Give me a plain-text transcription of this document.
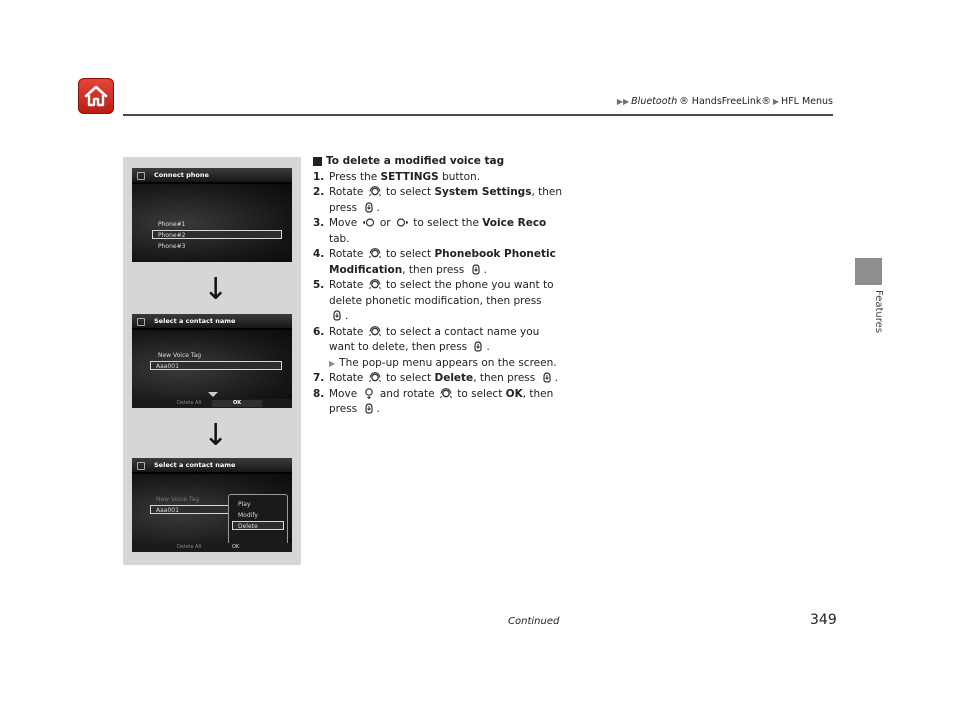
▶▶ Bluetooth ® HandsFreeLink® ▶ HFL Menus
Features
Connect phone
Phone#1
Phone#2
Phone#3
↓
Select a contact name
New Voice Tag
Aaa001
Delete All	OK
↓
Select a contact name
New Voice Tag
Aaa001
Play
Modify
Delete
Delete All	OK
To delete a modified voice tag
1. Press the SETTINGS button.
2. Rotate  to select System Settings, then
press .
3. Move  or  to select the Voice Reco
tab.
4. Rotate  to select Phonebook Phonetic
Modification, then press .
5. Rotate  to select the phone you want to
delete phonetic modification, then press
.
6. Rotate  to select a contact name you
want to delete, then press .
▶ The pop-up menu appears on the screen.
7. Rotate  to select Delete, then press .
8. Move  and rotate  to select OK, then
press .
Continued	349
